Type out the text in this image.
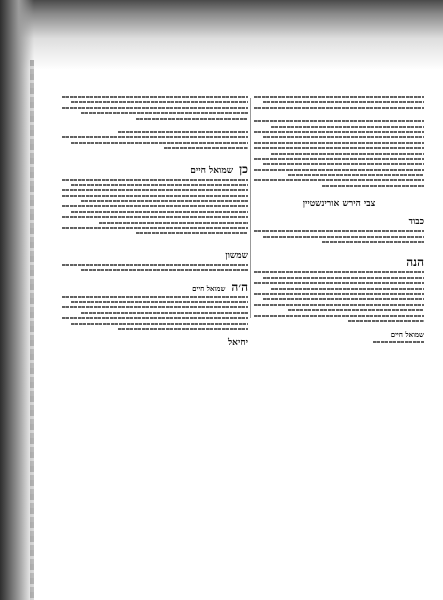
כן
שמואל חיים
שמשון
ה׳ה
שמואל חיים
יחיאל
צבי הירש אורינשטיין
כבוד
הנה
שמואל חיים
